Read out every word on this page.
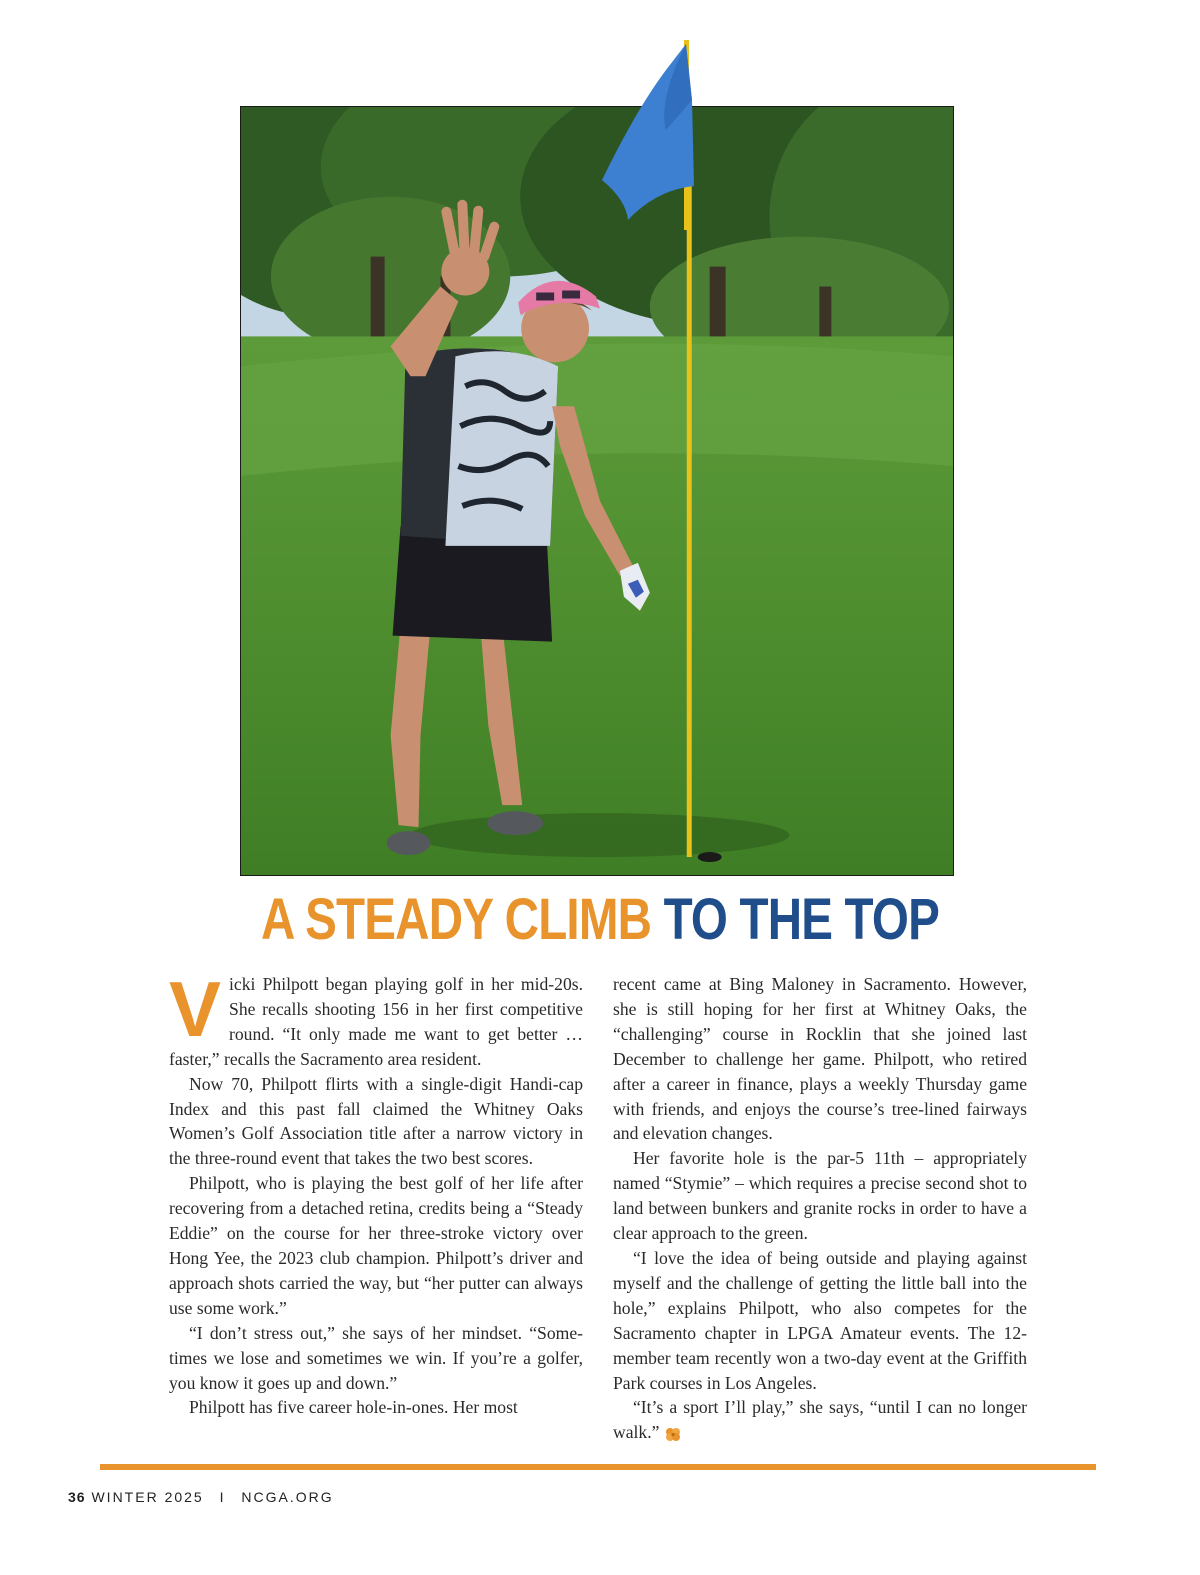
A STEADY CLIMB TO THE TOP

Vicki Philpott began playing golf in her mid-20s. She recalls shooting 156 in her first competitive round. “It only made me want to get better … faster,” recalls the Sacramento area resident.

Now 70, Philpott flirts with a single-digit Handi-cap Index and this past fall claimed the Whitney Oaks Women’s Golf Association title after a narrow victory in the three-round event that takes the two best scores.

Philpott, who is playing the best golf of her life after recovering from a detached retina, credits being a “Steady Eddie” on the course for her three-stroke victory over Hong Yee, the 2023 club champion. Philpott’s driver and approach shots carried the way, but “her putter can always use some work.”

“I don’t stress out,” she says of her mindset. “Some-times we lose and sometimes we win. If you’re a golfer, you know it goes up and down.”

Philpott has five career hole-in-ones. Her most

recent came at Bing Maloney in Sacramento. However, she is still hoping for her first at Whitney Oaks, the “challenging” course in Rocklin that she joined last December to challenge her game. Philpott, who retired after a career in finance, plays a weekly Thursday game with friends, and enjoys the course’s tree-lined fairways and elevation changes.

Her favorite hole is the par-5 11th – appropriately named “Stymie” – which requires a precise second shot to land between bunkers and granite rocks in order to have a clear approach to the green.

“I love the idea of being outside and playing against myself and the challenge of getting the little ball into the hole,” explains Philpott, who also competes for the Sacramento chapter in LPGA Amateur events. The 12-member team recently won a two-day event at the Griffith Park courses in Los Angeles.

“It’s a sport I’ll play,” she says, “until I can no longer walk.”

36 WINTER 2025 I NCGA.ORG
